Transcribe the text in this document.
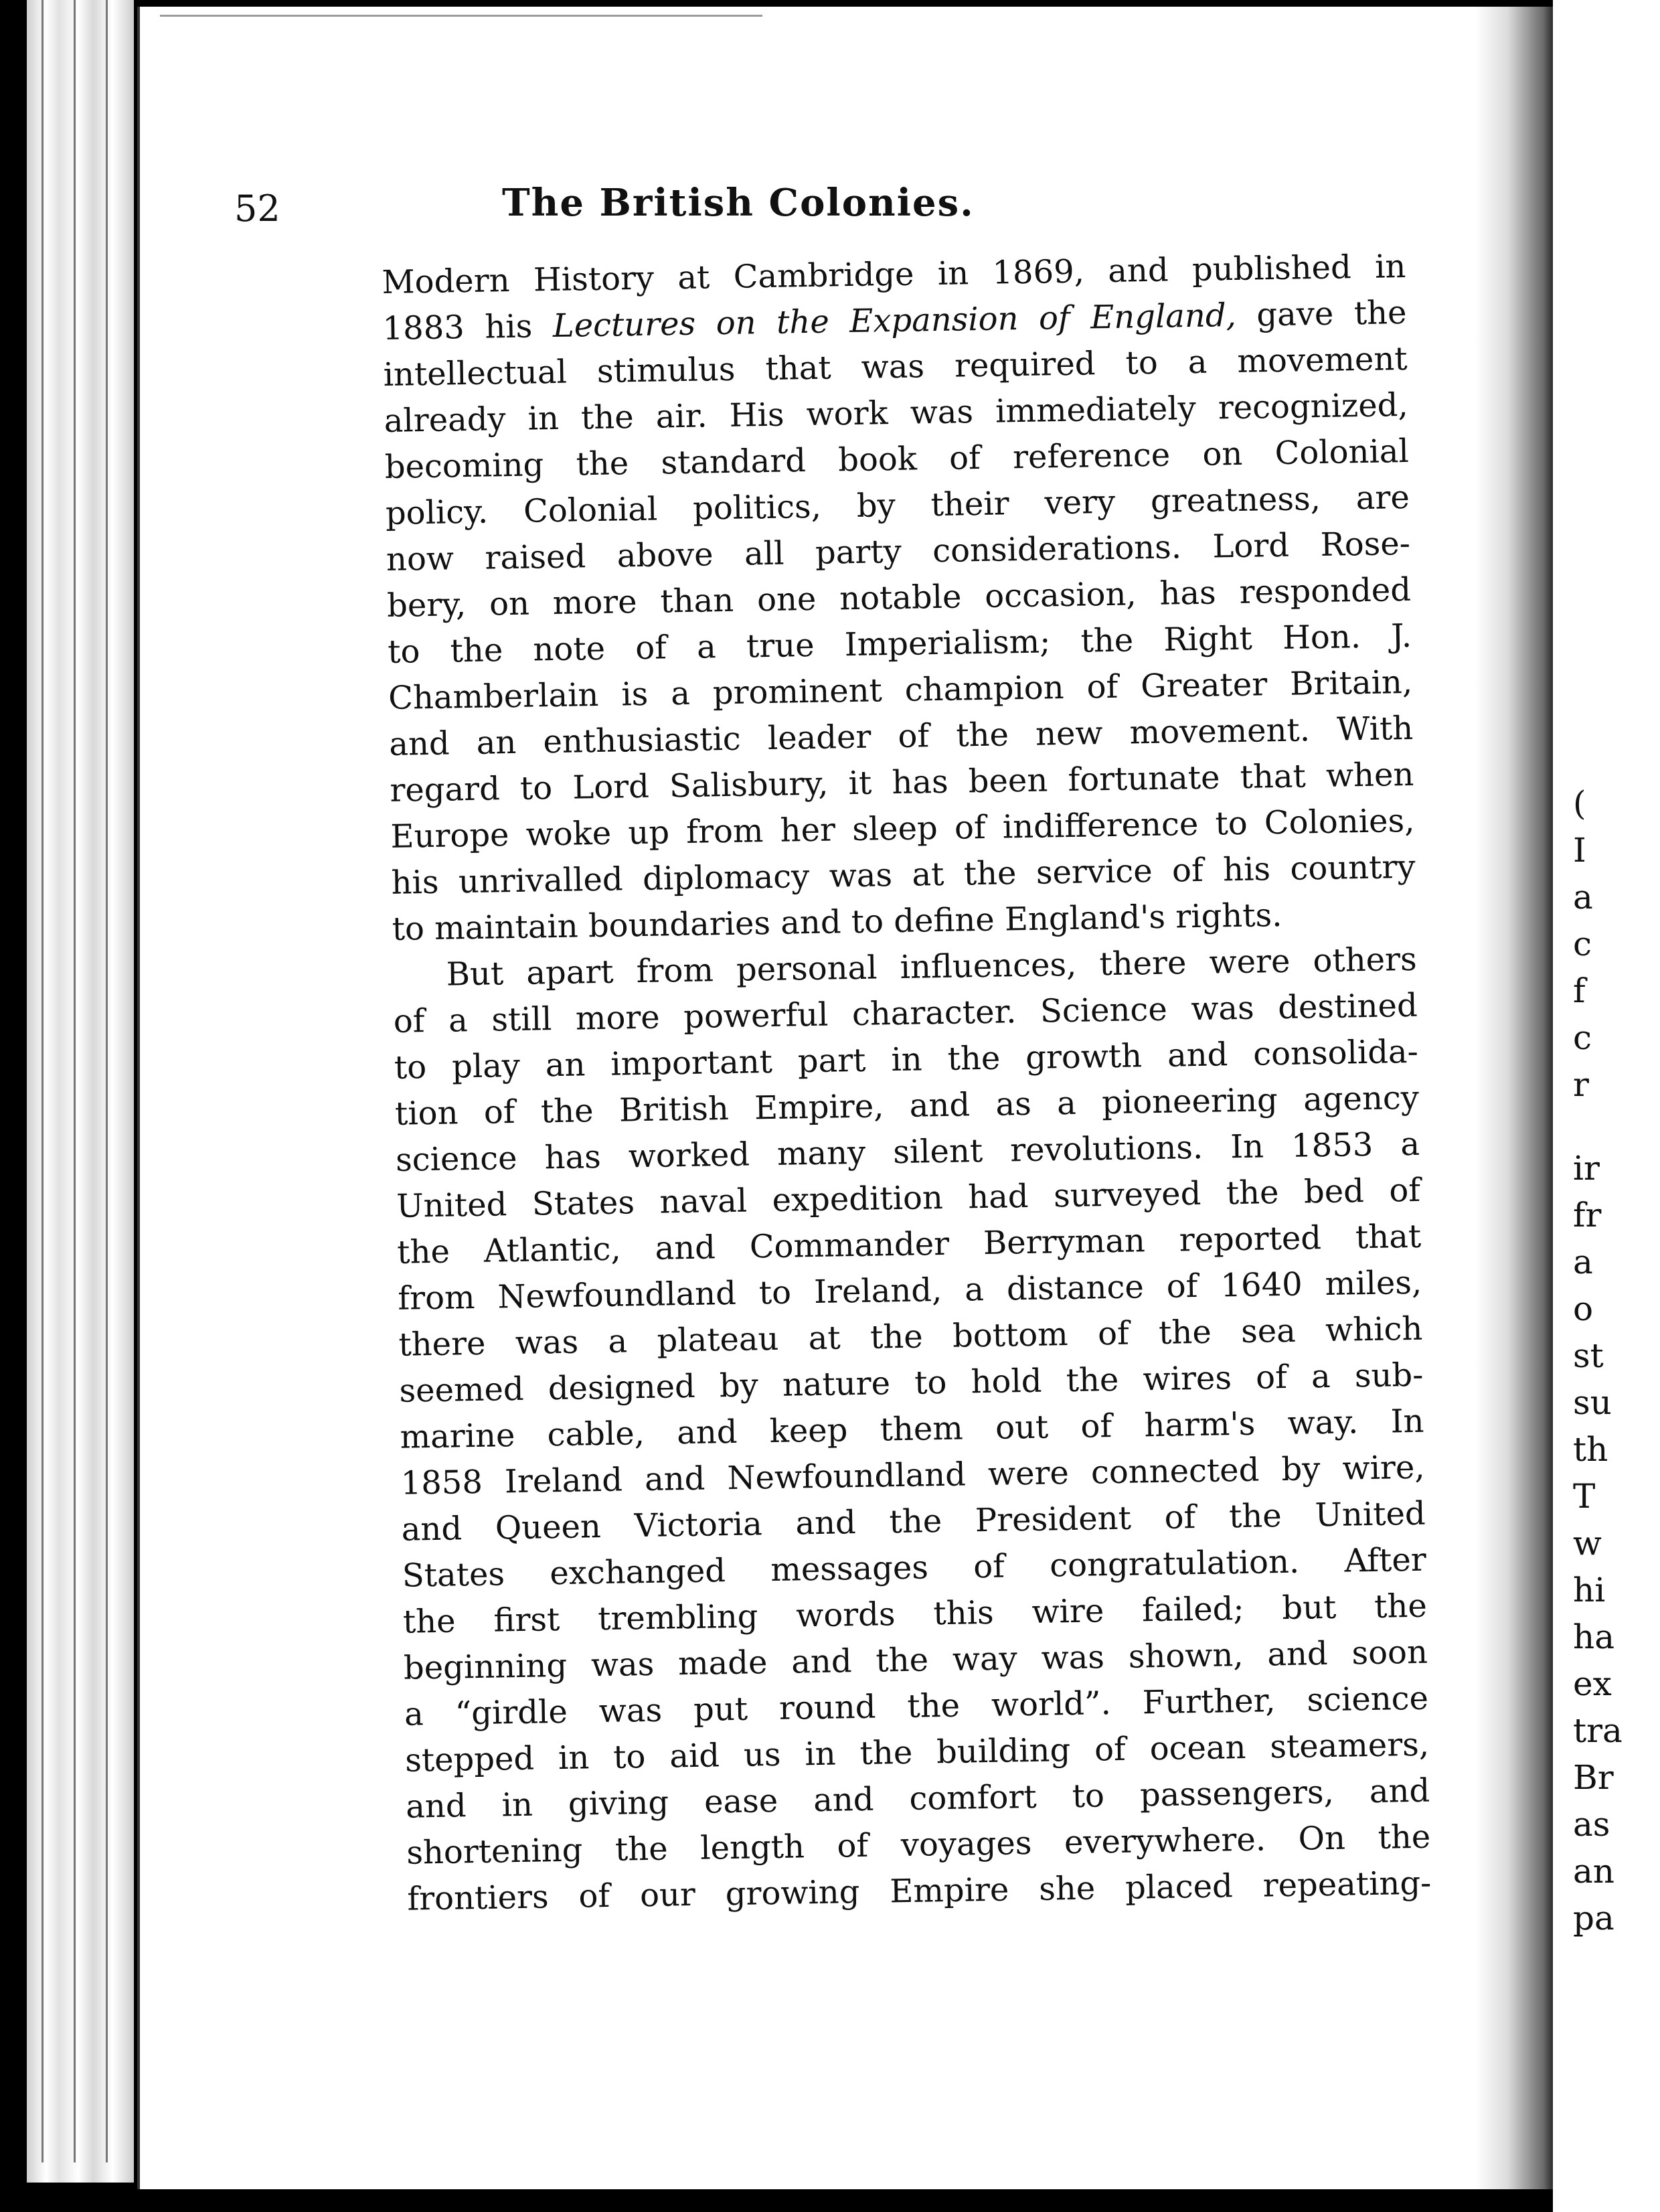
52	The British Colonies.
Modern History at Cambridge in 1869, and published in
1883 his Lectures on the Expansion of England, gave the
intellectual stimulus that was required to a movement
already in the air. His work was immediately recognized,
becoming the standard book of reference on Colonial
policy. Colonial politics, by their very greatness, are
now raised above all party considerations. Lord Rose-
bery, on more than one notable occasion, has responded
to the note of a true Imperialism; the Right Hon. J.
Chamberlain is a prominent champion of Greater Britain,
and an enthusiastic leader of the new movement. With
regard to Lord Salisbury, it has been fortunate that when
Europe woke up from her sleep of indifference to Colonies,
his unrivalled diplomacy was at the service of his country
to maintain boundaries and to define England's rights.
But apart from personal influences, there were others
of a still more powerful character. Science was destined
to play an important part in the growth and consolida-
tion of the British Empire, and as a pioneering agency
science has worked many silent revolutions. In 1853 a
United States naval expedition had surveyed the bed of
the Atlantic, and Commander Berryman reported that
from Newfoundland to Ireland, a distance of 1640 miles,
there was a plateau at the bottom of the sea which
seemed designed by nature to hold the wires of a sub-
marine cable, and keep them out of harm's way. In
1858 Ireland and Newfoundland were connected by wire,
and Queen Victoria and the President of the United
States exchanged messages of congratulation. After
the first trembling words this wire failed; but the
beginning was made and the way was shown, and soon
a “girdle was put round the world”. Further, science
stepped in to aid us in the building of ocean steamers,
and in giving ease and comfort to passengers, and
shortening the length of voyages everywhere. On the
frontiers of our growing Empire she placed repeating-
(
I
a
c
f
c
r
ir
fr
a
o
st
su
th
T
w
hi
ha
ex
tra
Br
as
an
pa
